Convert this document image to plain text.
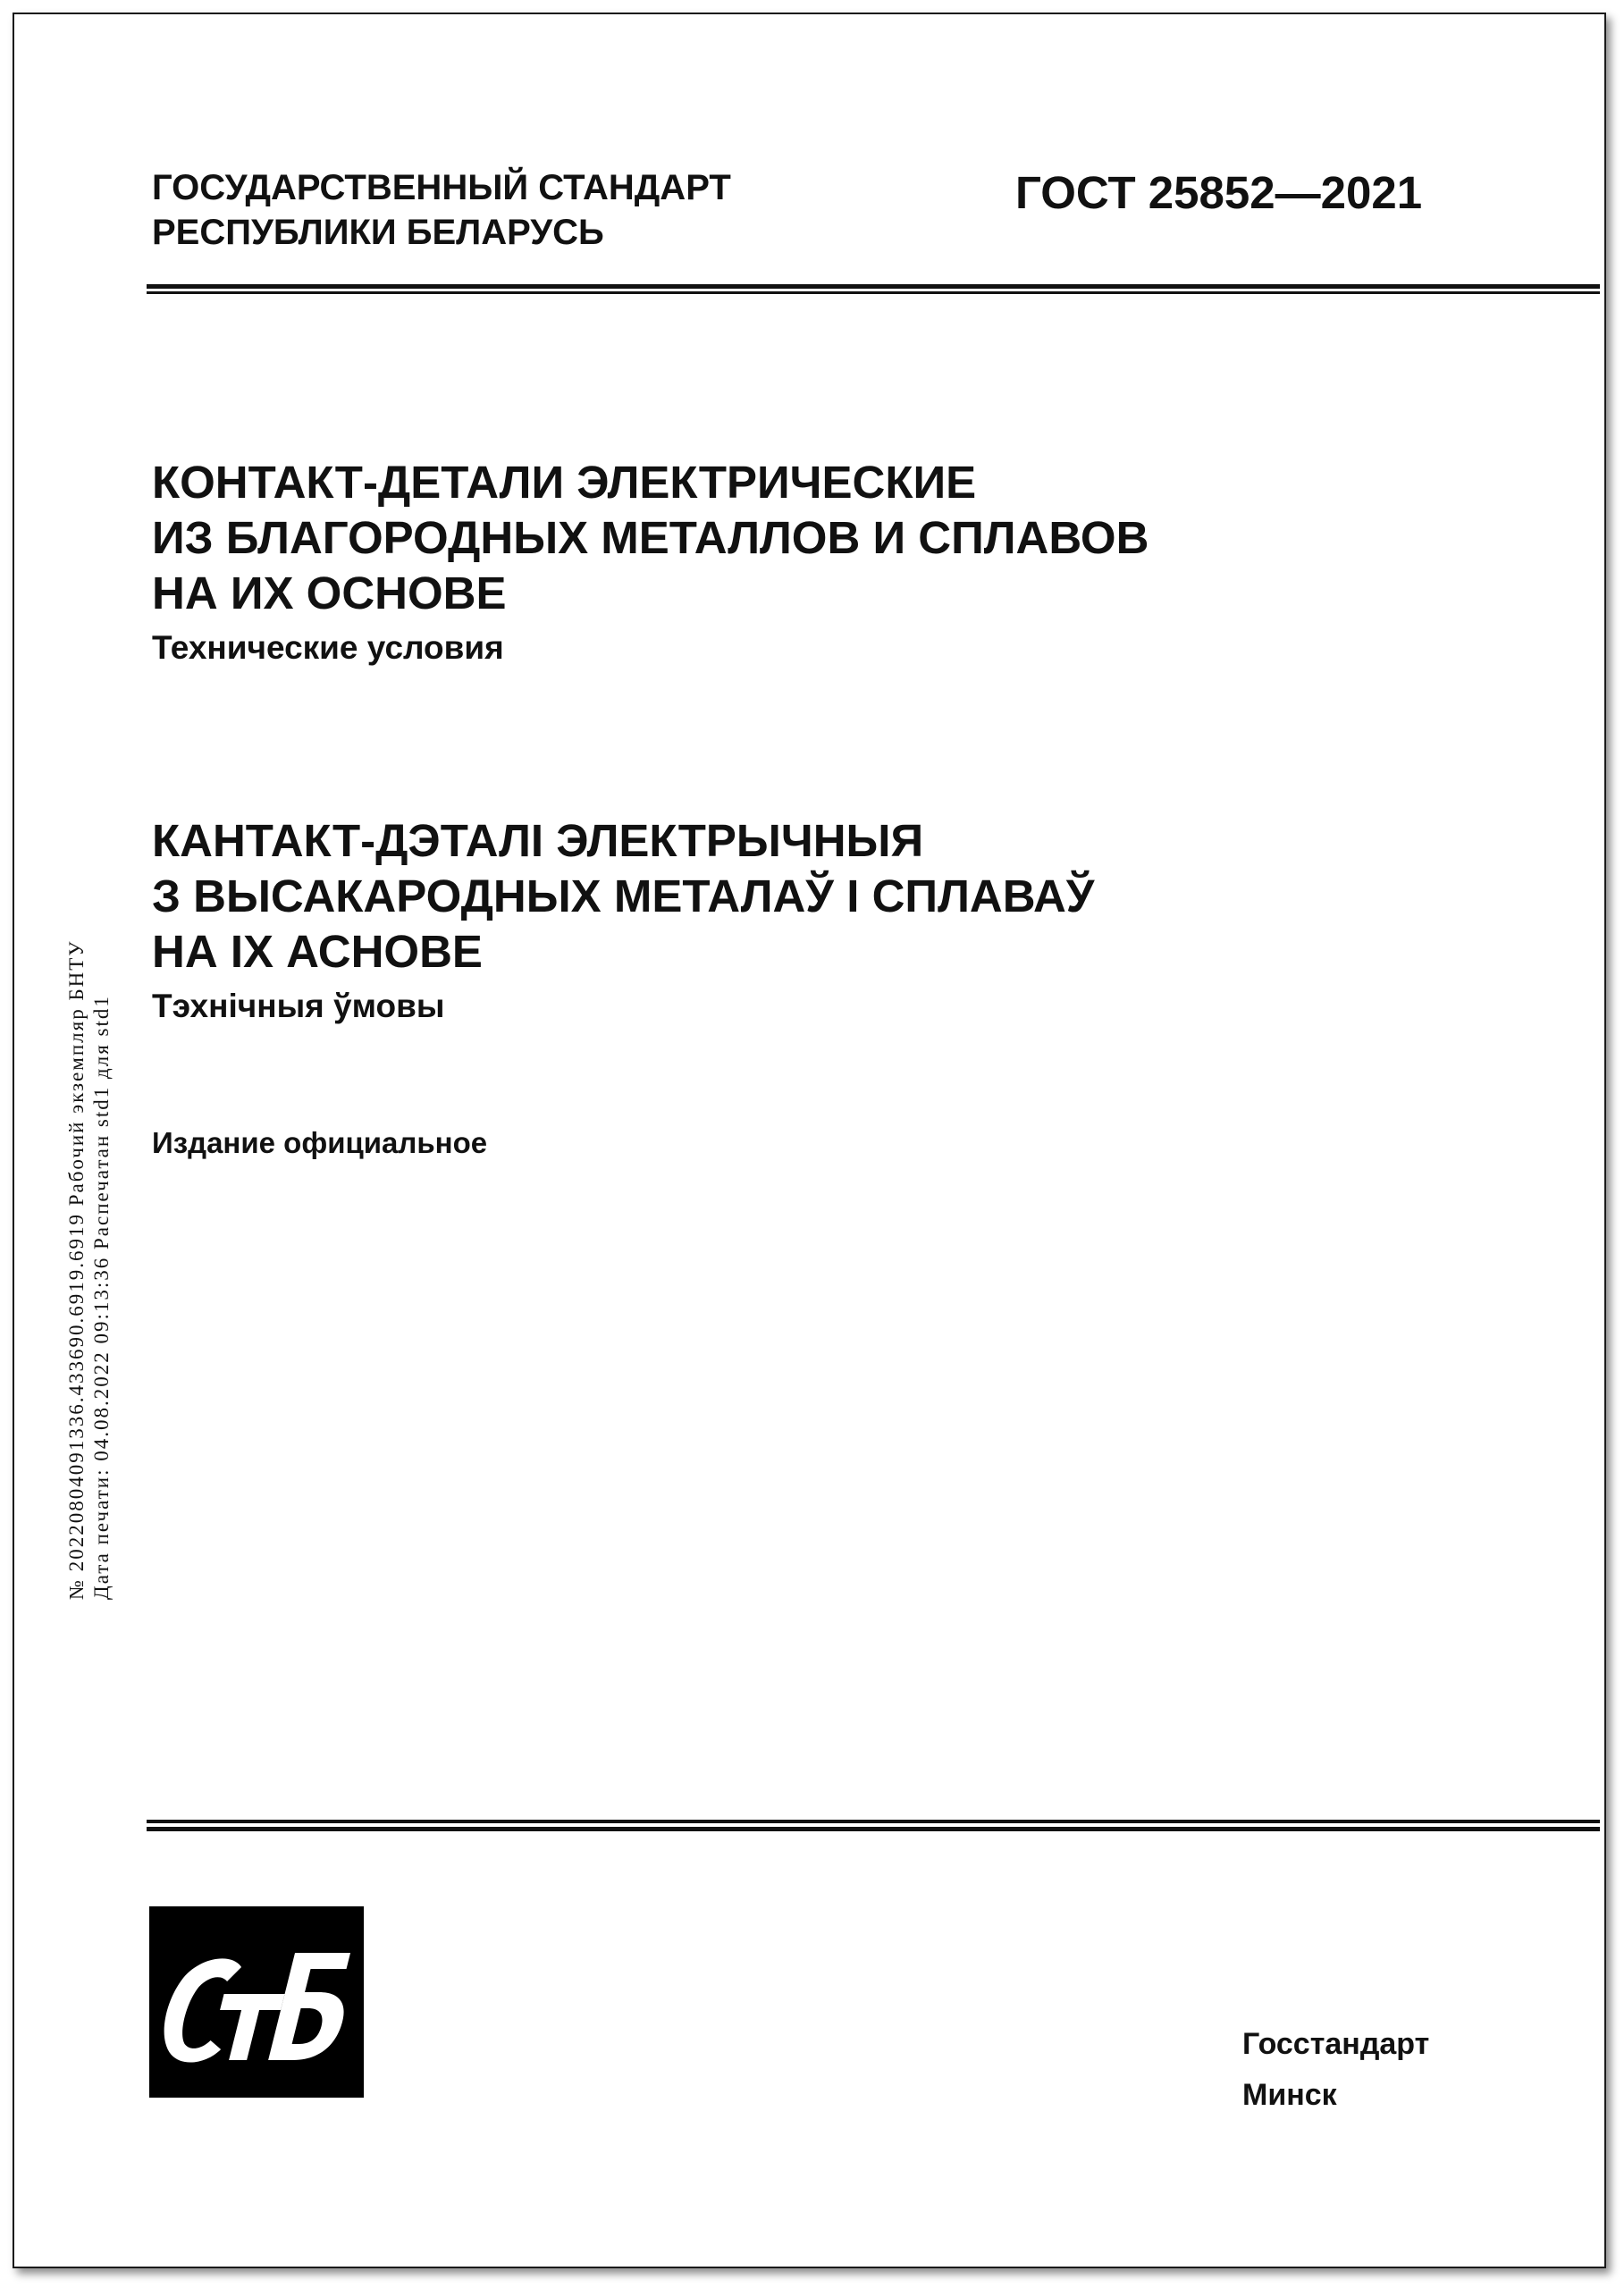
ГОСУДАРСТВЕННЫЙ СТАНДАРТ
РЕСПУБЛИКИ БЕЛАРУСЬ
ГОСТ 25852—2021
КОНТАКТ-ДЕТАЛИ ЭЛЕКТРИЧЕСКИЕ
ИЗ БЛАГОРОДНЫХ МЕТАЛЛОВ И СПЛАВОВ
НА ИХ ОСНОВЕ
Технические условия
КАНТАКТ-ДЭТАЛІ ЭЛЕКТРЫЧНЫЯ
З ВЫСАКАРОДНЫХ МЕТАЛАЎ І СПЛАВАЎ
НА ІХ АСНОВЕ
Тэхнічныя ўмовы
Издание официальное
№ 20220804091336.433690.6919.6919 Рабочий экземпляр БНТУ Дата печати: 04.08.2022 09:13:36 Распечатан std1 для std1
Госстандарт
Минск
